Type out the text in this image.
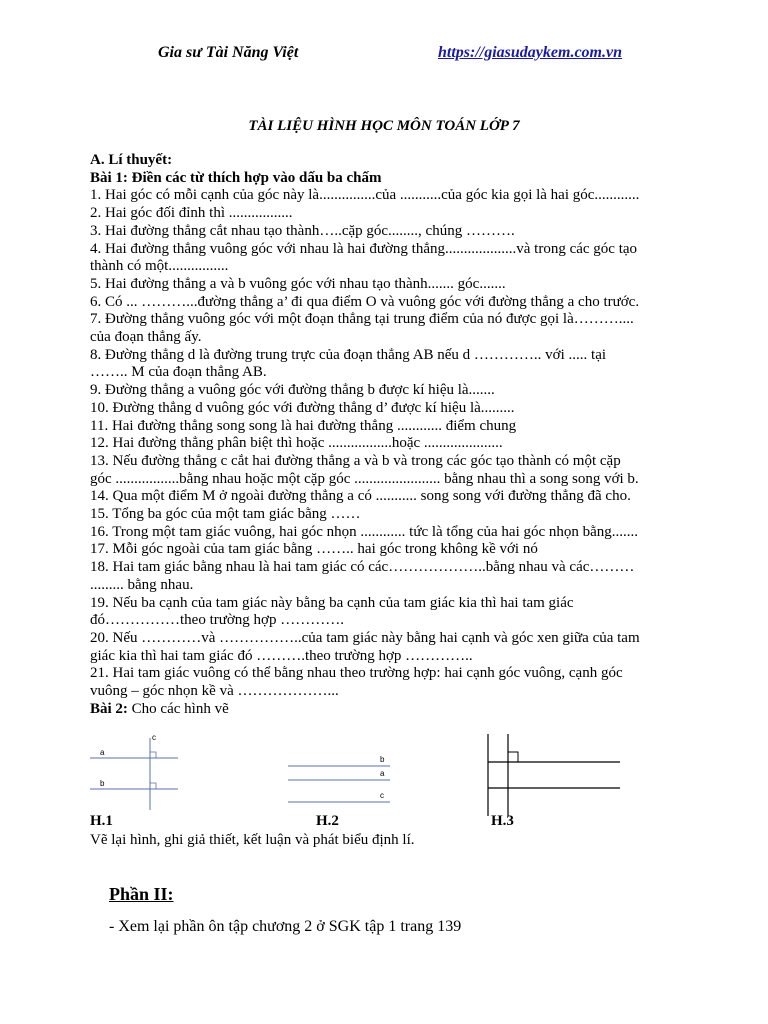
Gia sư Tài Năng Việt	https://giasudaykem.com.vn
TÀI LIỆU HÌNH HỌC MÔN TOÁN LỚP 7
A. Lí thuyết:
Bài 1: Điền các từ thích hợp vào dấu ba chấm
1. Hai góc có mỗi cạnh của góc này là...............của ...........của góc kia gọi là hai góc............
2. Hai góc đối đỉnh thì .................
3. Hai đường thẳng cắt nhau tạo thành…..cặp góc........, chúng ……….
4. Hai đường thẳng vuông góc với nhau là hai đường thẳng...................và trong các góc tạo
thành có một................
5. Hai đường thẳng a và b vuông góc với nhau tạo thành....... góc.......
6. Có ... ………...đường thẳng a’ đi qua điểm O và vuông góc với đường thẳng a cho trước.
7. Đường thẳng vuông góc với một đoạn thẳng tại trung điểm của nó được gọi là………....
của đoạn thẳng ấy.
8. Đường thẳng d là đường trung trực của đoạn thẳng AB nếu d ………….. với ..... tại
…….. M của đoạn thẳng AB.
9. Đường thẳng a vuông góc với đường thẳng b được kí hiệu là.......
10. Đường thẳng d vuông góc với đường thẳng d’ được kí hiệu là.........
11. Hai đường thẳng song song là hai đường thẳng ............ điểm chung
12. Hai đường thẳng phân biệt thì hoặc .................hoặc .....................
13. Nếu đường thẳng c cắt hai đường thẳng a và b và trong các góc tạo thành có một cặp
góc .................bằng nhau hoặc một cặp góc ....................... bằng nhau thì a song song với b.
14. Qua một điểm M ở ngoài đường thẳng a có ........... song song với đường thẳng đã cho.
15. Tổng ba góc của một tam giác bằng ……
16. Trong một tam giác vuông, hai góc nhọn ............ tức là tổng của hai góc nhọn bằng.......
17. Mỗi góc ngoài của tam giác bằng …….. hai góc trong không kề với nó
18. Hai tam giác bằng nhau là hai tam giác có các………………..bằng nhau và các………
......... bằng nhau.
19. Nếu ba cạnh của tam giác này bằng ba cạnh của tam giác kia thì hai tam giác
đó……………theo trường hợp ………….
20. Nếu …………và ……………..của tam giác này bằng hai cạnh và góc xen giữa của tam
giác kia thì hai tam giác đó ……….theo trường hợp …………..
21. Hai tam giác vuông có thể bằng nhau theo trường hợp: hai cạnh góc vuông, cạnh góc
vuông – góc nhọn kề và ………………...
Bài 2: Cho các hình vẽ
a
b
c
b
a
c
H.1	H.2	H.3
Vẽ lại hình, ghi giả thiết, kết luận và phát biểu định lí.
Phần II:
- Xem lại phần ôn tập chương 2 ở SGK tập 1 trang 139
